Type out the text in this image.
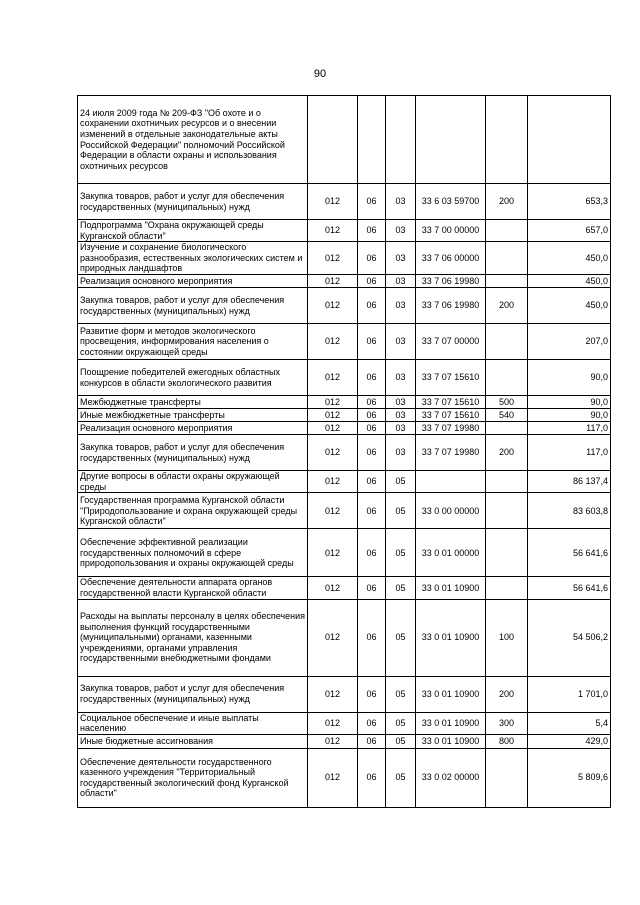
90
24 июля 2009 года № 209-ФЗ "Об охоте и о сохранении охотничьих ресурсов и о внесении изменений в отдельные законодательные акты Российской Федерации" полномочий Российской Федерации в области охраны и использования охотничьих ресурсов						
Закупка товаров, работ и услуг для обеспечения государственных (муниципальных) нужд	012	06	03	33 6 03 59700	200	653,3
Подпрограмма "Охрана окружающей среды Курганской области"	012	06	03	33 7 00 00000		657,0
Изучение и сохранение биологического разнообразия, естественных экологических систем и природных ландшафтов	012	06	03	33 7 06 00000		450,0
Реализация основного мероприятия	012	06	03	33 7 06 19980		450,0
Закупка товаров, работ и услуг для обеспечения государственных (муниципальных) нужд	012	06	03	33 7 06 19980	200	450,0
Развитие форм и методов экологического просвещения, информирования населения о состоянии окружающей среды	012	06	03	33 7 07 00000		207,0
Поощрение победителей ежегодных областных конкурсов в области экологического развития	012	06	03	33 7 07 15610		90,0
Межбюджетные трансферты	012	06	03	33 7 07 15610	500	90,0
Иные межбюджетные трансферты	012	06	03	33 7 07 15610	540	90,0
Реализация основного мероприятия	012	06	03	33 7 07 19980		117,0
Закупка товаров, работ и услуг для обеспечения государственных (муниципальных) нужд	012	06	03	33 7 07 19980	200	117,0
Другие вопросы в области охраны окружающей среды	012	06	05			86 137,4
Государственная программа Курганской области "Природопользование и охрана окружающей среды Курганской области"	012	06	05	33 0 00 00000		83 603,8
Обеспечение эффективной реализации государственных полномочий в сфере природопользования и охраны окружающей среды	012	06	05	33 0 01 00000		56 641,6
Обеспечение деятельности аппарата органов государственной власти Курганской области	012	06	05	33 0 01 10900		56 641,6
Расходы на выплаты персоналу в целях обеспечения выполнения функций государственными (муниципальными) органами, казенными учреждениями, органами управления государственными внебюджетными фондами	012	06	05	33 0 01 10900	100	54 506,2
Закупка товаров, работ и услуг для обеспечения государственных (муниципальных) нужд	012	06	05	33 0 01 10900	200	1 701,0
Социальное обеспечение и иные выплаты населению	012	06	05	33 0 01 10900	300	5,4
Иные бюджетные ассигнования	012	06	05	33 0 01 10900	800	429,0
Обеспечение деятельности государственного казенного учреждения "Территориальный государственный экологический фонд Курганской области"	012	06	05	33 0 02 00000		5 809,6
